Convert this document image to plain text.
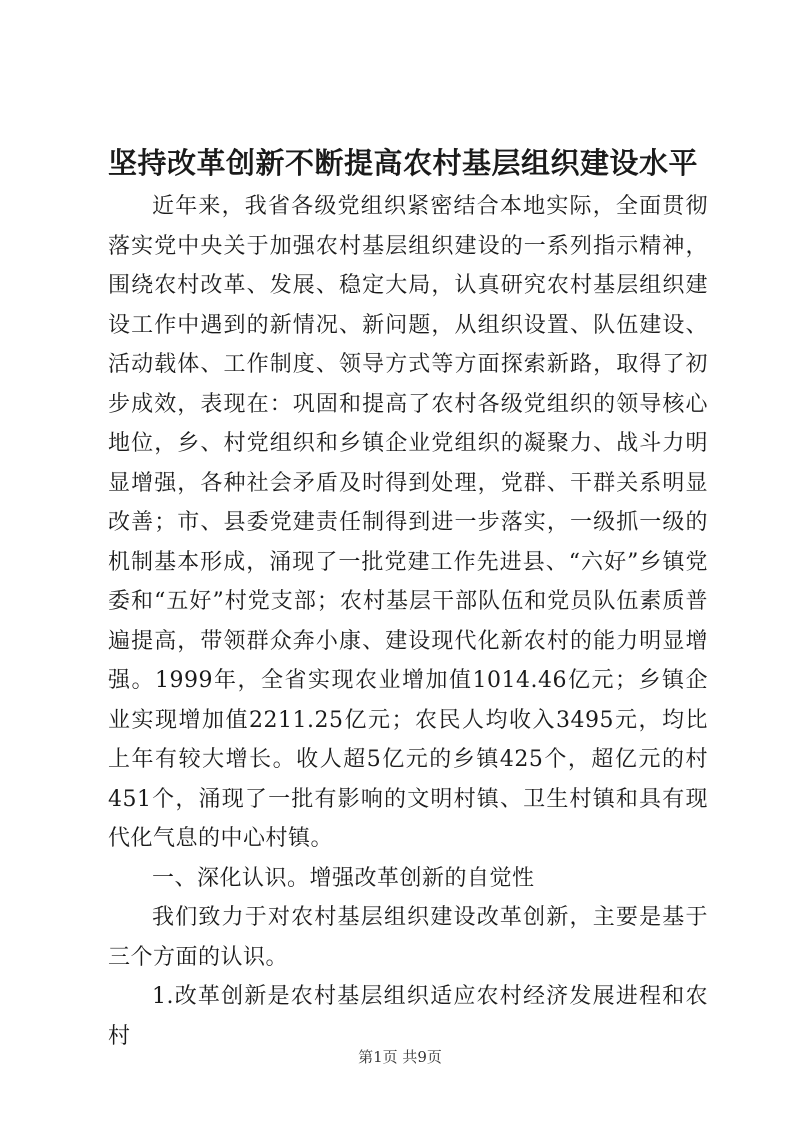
坚持改革创新不断提高农村基层组织建设水平

近年来，我省各级党组织紧密结合本地实际，全面贯彻落实党中央关于加强农村基层组织建设的一系列指示精神，围绕农村改革、发展、稳定大局，认真研究农村基层组织建设工作中遇到的新情况、新问题，从组织设置、队伍建设、活动载体、工作制度、领导方式等方面探索新路，取得了初步成效，表现在：巩固和提高了农村各级党组织的领导核心地位，乡、村党组织和乡镇企业党组织的凝聚力、战斗力明显增强，各种社会矛盾及时得到处理，党群、干群关系明显改善；市、县委党建责任制得到进一步落实，一级抓一级的机制基本形成，涌现了一批党建工作先进县、“六好”乡镇党委和“五好”村党支部；农村基层干部队伍和党员队伍素质普遍提高，带领群众奔小康、建设现代化新农村的能力明显增强。1999年，全省实现农业增加值1014.46亿元；乡镇企业实现增加值2211.25亿元；农民人均收入3495元，均比上年有较大增长。收人超5亿元的乡镇425个，超亿元的村451个，涌现了一批有影响的文明村镇、卫生村镇和具有现代化气息的中心村镇。

一、深化认识。增强改革创新的自觉性

我们致力于对农村基层组织建设改革创新，主要是基于三个方面的认识。

1.改革创新是农村基层组织适应农村经济发展进程和农村

第1页 共9页
